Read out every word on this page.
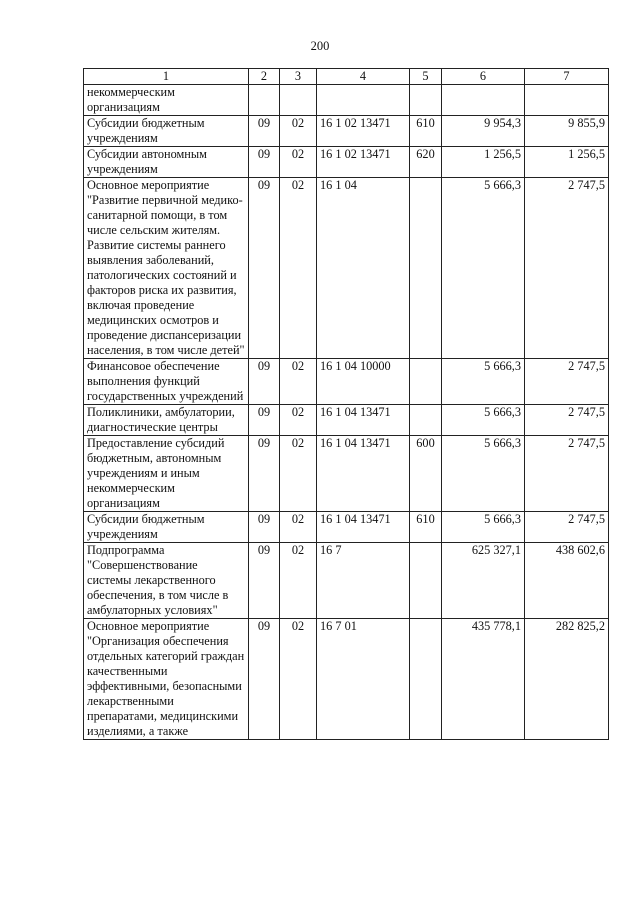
200
1	2	3	4	5	6	7
некоммерческим организациям						
Субсидии бюджетным учреждениям	09	02	16 1 02 13471	610	9 954,3	9 855,9
Субсидии автономным учреждениям	09	02	16 1 02 13471	620	1 256,5	1 256,5
Основное мероприятие "Развитие первичной медико-санитарной помощи, в том числе сельским жителям. Развитие системы раннего выявления заболеваний, патологических состояний и факторов риска их развития, включая проведение медицинских осмотров и проведение диспансеризации населения, в том числе детей"	09	02	16 1 04		5 666,3	2 747,5
Финансовое обеспечение выполнения функций государственных учреждений	09	02	16 1 04 10000		5 666,3	2 747,5
Поликлиники, амбулатории, диагностические центры	09	02	16 1 04 13471		5 666,3	2 747,5
Предоставление субсидий бюджетным, автономным учреждениям и иным некоммерческим организациям	09	02	16 1 04 13471	600	5 666,3	2 747,5
Субсидии бюджетным учреждениям	09	02	16 1 04 13471	610	5 666,3	2 747,5
Подпрограмма "Совершенствование системы лекарственного обеспечения, в том числе в амбулаторных условиях"	09	02	16 7		625 327,1	438 602,6
Основное мероприятие "Организация обеспечения отдельных категорий граждан качественными эффективными, безопасными лекарственными препаратами, медицинскими изделиями, а также	09	02	16 7 01		435 778,1	282 825,2
